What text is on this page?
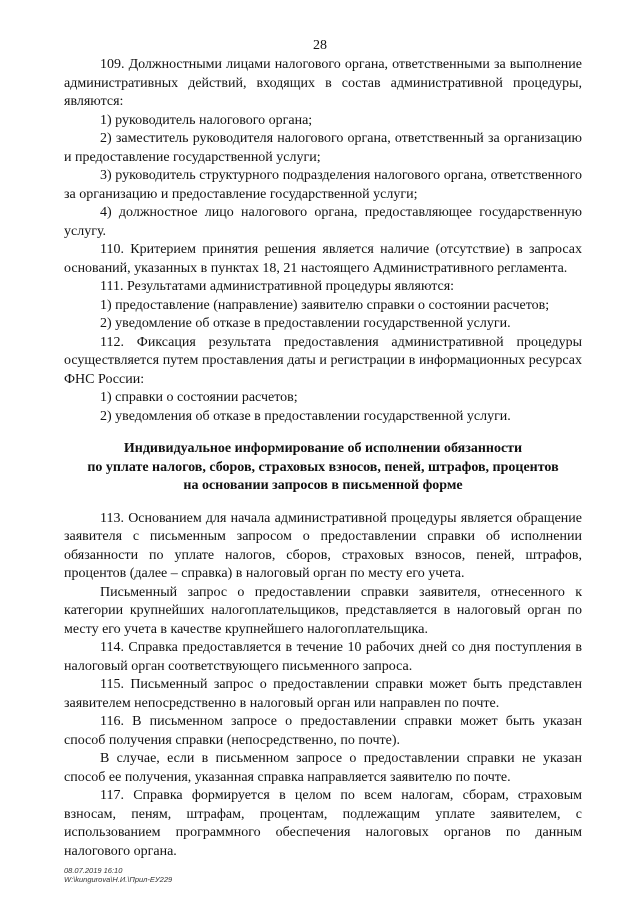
28

109. Должностными лицами налогового органа, ответственными за выполнение административных действий, входящих в состав административной процедуры, являются:

1) руководитель налогового органа;

2) заместитель руководителя налогового органа, ответственный за организацию и предоставление государственной услуги;

3) руководитель структурного подразделения налогового органа, ответственного за организацию и предоставление государственной услуги;

4) должностное лицо налогового органа, предоставляющее государственную услугу.

110. Критерием принятия решения является наличие (отсутствие) в запросах оснований, указанных в пунктах 18, 21 настоящего Административного регламента.

111. Результатами административной процедуры являются:

1) предоставление (направление) заявителю справки о состоянии расчетов;

2) уведомление об отказе в предоставлении государственной услуги.

112. Фиксация результата предоставления административной процедуры осуществляется путем проставления даты и регистрации в информационных ресурсах ФНС России:

1) справки о состоянии расчетов;

2) уведомления об отказе в предоставлении государственной услуги.

Индивидуальное информирование об исполнении обязанности
по уплате налогов, сборов, страховых взносов, пеней, штрафов, процентов
на основании запросов в письменной форме

113. Основанием для начала административной процедуры является обращение заявителя с письменным запросом о предоставлении справки об исполнении обязанности по уплате налогов, сборов, страховых взносов, пеней, штрафов, процентов (далее – справка) в налоговый орган по месту его учета.

Письменный запрос о предоставлении справки заявителя, отнесенного к категории крупнейших налогоплательщиков, представляется в налоговый орган по месту его учета в качестве крупнейшего налогоплательщика.

114. Справка предоставляется в течение 10 рабочих дней со дня поступления в налоговый орган соответствующего письменного запроса.

115. Письменный запрос о предоставлении справки может быть представлен заявителем непосредственно в налоговый орган или направлен по почте.

116. В письменном запросе о предоставлении справки может быть указан способ получения справки (непосредственно, по почте).

В случае, если в письменном запросе о предоставлении справки не указан способ ее получения, указанная справка направляется заявителю по почте.

117. Справка формируется в целом по всем налогам, сборам, страховым взносам, пеням, штрафам, процентам, подлежащим уплате заявителем, с использованием программного обеспечения налоговых органов по данным налогового органа.

08.07.2019 16:10
W:\kungurova\Н.И.\Прил-ЕУ229
